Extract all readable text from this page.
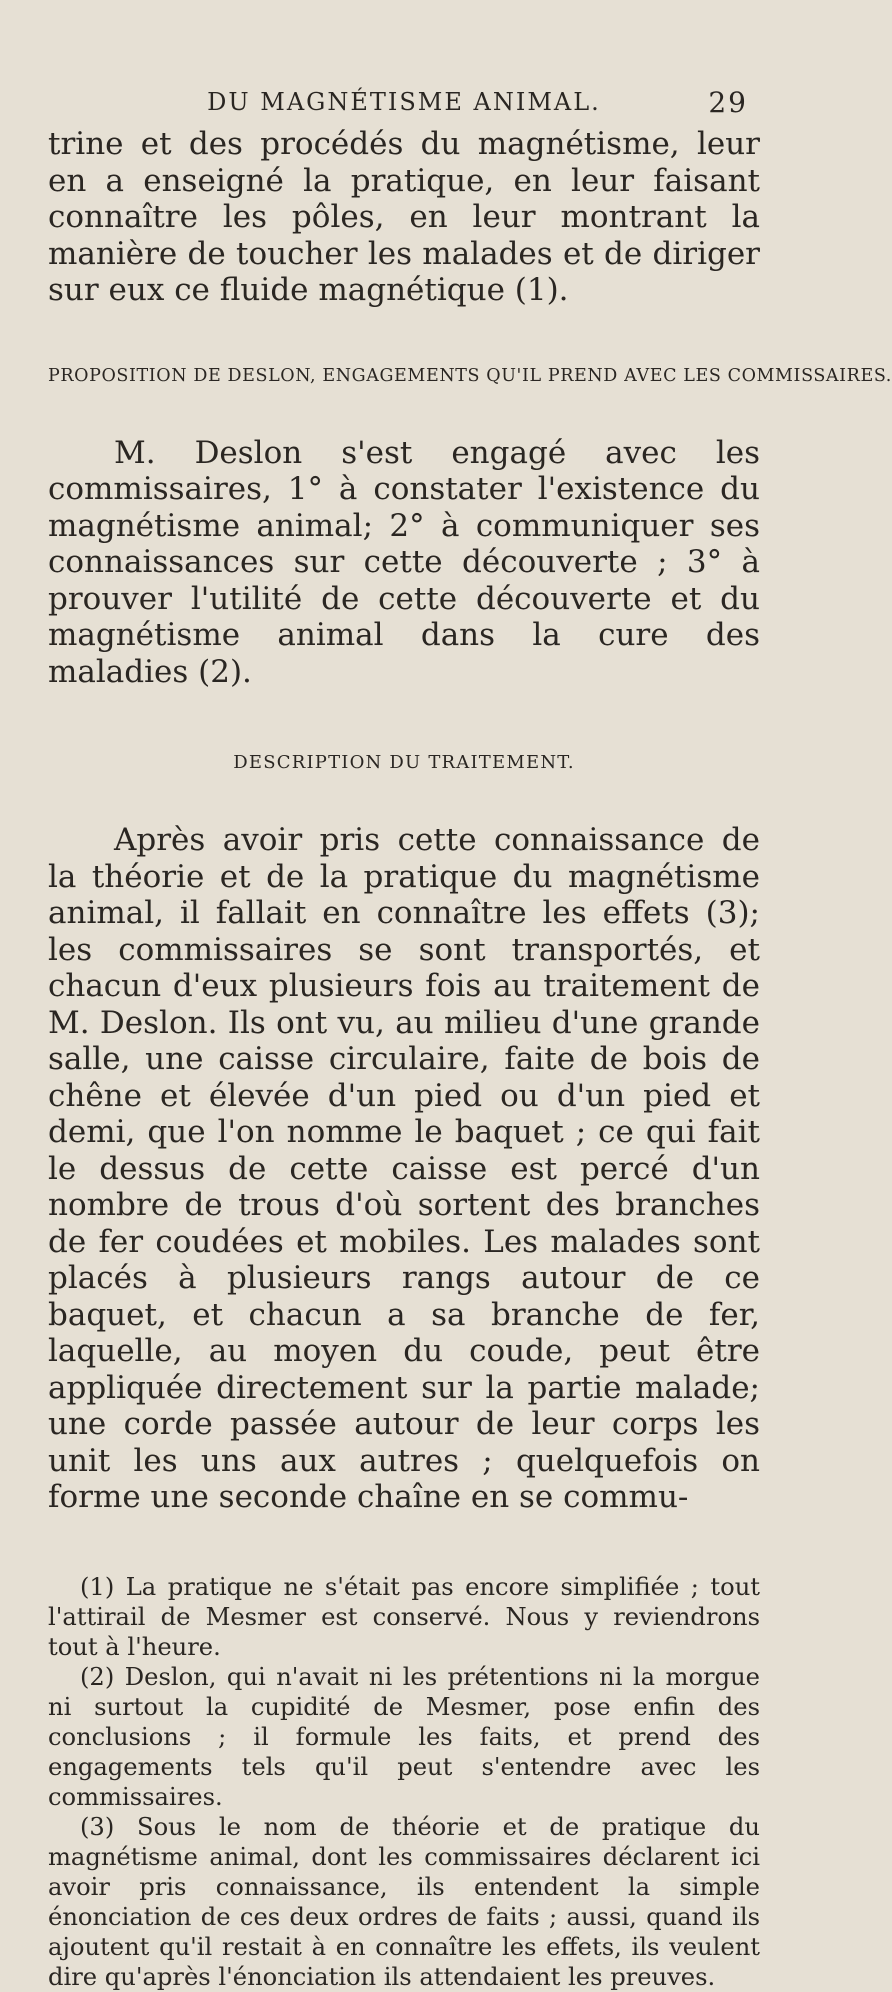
DU MAGNÉTISME ANIMAL.	29

trine et des procédés du magnétisme, leur en a enseigné la pratique, en leur faisant connaître les pôles, en leur montrant la manière de toucher les malades et de diriger sur eux ce fluide magnétique (1).

PROPOSITION DE DESLON, ENGAGEMENTS QU'IL PREND AVEC LES COMMISSAIRES.

M. Deslon s'est engagé avec les commissaires, 1° à constater l'existence du magnétisme animal; 2° à communiquer ses connaissances sur cette découverte ; 3° à prouver l'utilité de cette découverte et du magnétisme animal dans la cure des maladies (2).

DESCRIPTION DU TRAITEMENT.

Après avoir pris cette connaissance de la théorie et de la pratique du magnétisme animal, il fallait en connaître les effets (3); les commissaires se sont transportés, et chacun d'eux plusieurs fois au traitement de M. Deslon. Ils ont vu, au milieu d'une grande salle, une caisse circulaire, faite de bois de chêne et élevée d'un pied ou d'un pied et demi, que l'on nomme le baquet ; ce qui fait le dessus de cette caisse est percé d'un nombre de trous d'où sortent des branches de fer coudées et mobiles. Les malades sont placés à plusieurs rangs autour de ce baquet, et chacun a sa branche de fer, laquelle, au moyen du coude, peut être appliquée directement sur la partie malade; une corde passée autour de leur corps les unit les uns aux autres ; quelquefois on forme une seconde chaîne en se commu-

(1) La pratique ne s'était pas encore simplifiée ; tout l'attirail de Mesmer est conservé. Nous y reviendrons tout à l'heure.

(2) Deslon, qui n'avait ni les prétentions ni la morgue ni surtout la cupidité de Mesmer, pose enfin des conclusions ; il formule les faits, et prend des engagements tels qu'il peut s'entendre avec les commissaires.

(3) Sous le nom de théorie et de pratique du magnétisme animal, dont les commissaires déclarent ici avoir pris connaissance, ils entendent la simple énonciation de ces deux ordres de faits ; aussi, quand ils ajoutent qu'il restait à en connaître les effets, ils veulent dire qu'après l'énonciation ils attendaient les preuves.
